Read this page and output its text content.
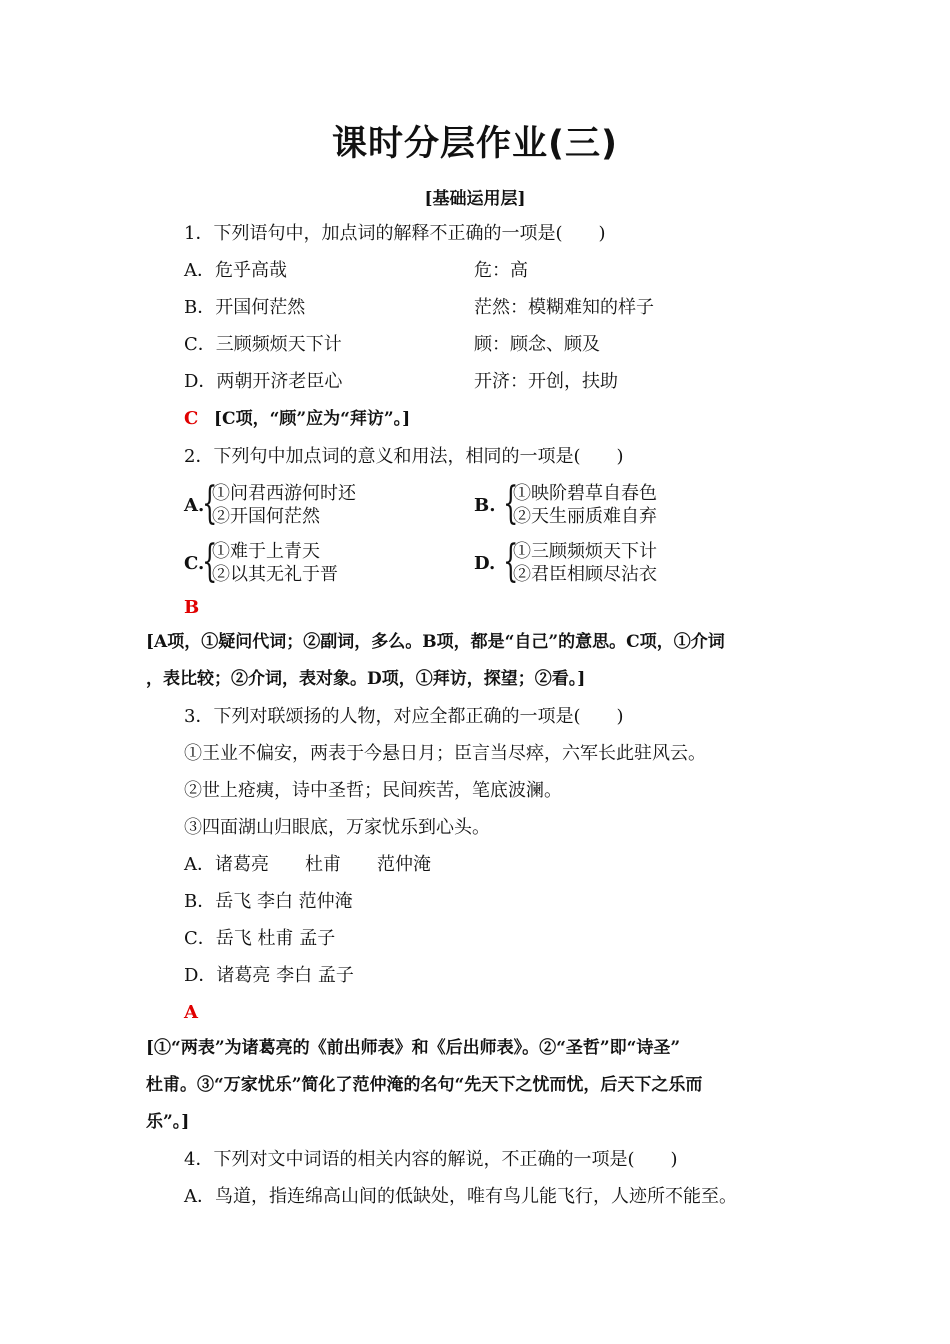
课时分层作业(三)
[基础运用层]
1．下列语句中，加点词的解释不正确的一项是(　　)
A．危乎高哉	危：高
B．开国何茫然	茫然：模糊难知的样子
C．三顾频烦天下计	顾：顾念、顾及
D．两朝开济老臣心	开济：开创，扶助
C [C项，“顾”应为“拜访”。]
2．下列句中加点词的意义和用法，相同的一项是(　　)
A.
{
①问君西游何时还
②开国何茫然
B. {
①映阶碧草自春色
②天生丽质难自弃
C.
{
①难于上青天
②以其无礼于晋
D. {
①三顾频烦天下计
②君臣相顾尽沾衣
B
[A项，①疑问代词；②副词，多么。B项，都是“自己”的意思。C项，①介词
，表比较；②介词，表对象。D项，①拜访，探望；②看。]
3．下列对联颂扬的人物，对应全都正确的一项是(　　)
①王业不偏安，两表于今悬日月；臣言当尽瘁，六军长此驻风云。
②世上疮痍，诗中圣哲；民间疾苦，笔底波澜。
③四面湖山归眼底，万家忧乐到心头。
A．诸葛亮　　杜甫　　范仲淹
B．岳飞 李白 范仲淹
C．岳飞 杜甫 孟子
D．诸葛亮 李白 孟子
A
[①“两表”为诸葛亮的《前出师表》和《后出师表》。②“圣哲”即“诗圣”
杜甫。③“万家忧乐”简化了范仲淹的名句“先天下之忧而忧，后天下之乐而
乐”。]
4．下列对文中词语的相关内容的解说，不正确的一项是(　　)
A．鸟道，指连绵高山间的低缺处，唯有鸟儿能飞行，人迹所不能至。
